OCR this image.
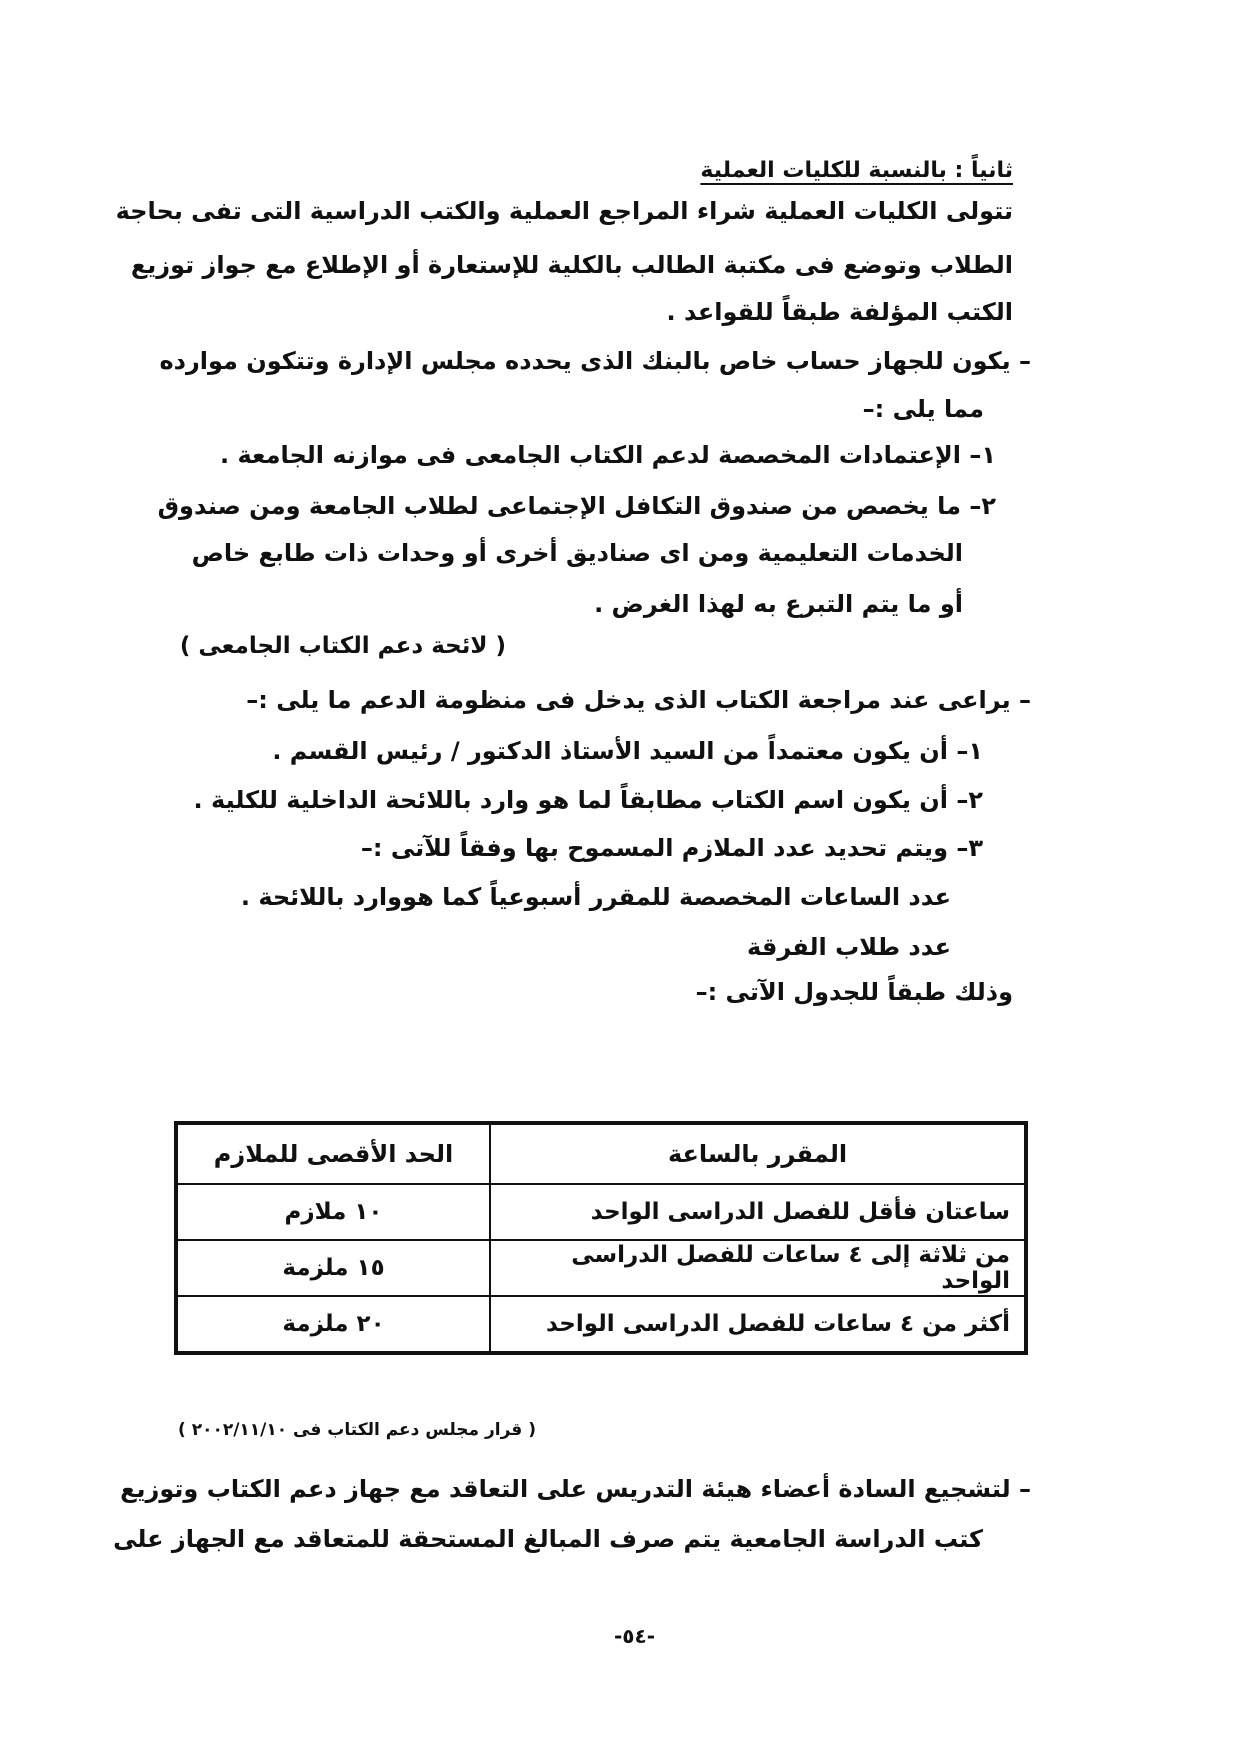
ثانياً : بالنسبة للكليات العملية
تتولى الكليات العملية شراء المراجع العملية والكتب الدراسية التى تفى بحاجة
الطلاب وتوضع فى مكتبة الطالب بالكلية للإستعارة أو الإطلاع مع جواز توزيع
الكتب المؤلفة طبقاً للقواعد .
– يكون للجهاز حساب خاص بالبنك الذى يحدده مجلس الإدارة وتتكون موارده
مما يلى :–
١– الإعتمادات المخصصة لدعم الكتاب الجامعى فى موازنه الجامعة .
٢– ما يخصص من صندوق التكافل الإجتماعى لطلاب الجامعة ومن صندوق
الخدمات التعليمية ومن اى صناديق أخرى أو وحدات ذات طابع خاص
أو ما يتم التبرع به لهذا الغرض .
( لائحة دعم الكتاب الجامعى )
– يراعى عند مراجعة الكتاب الذى يدخل فى منظومة الدعم ما يلى :–
١– أن يكون معتمداً من السيد الأستاذ الدكتور / رئيس القسم .
٢– أن يكون اسم الكتاب مطابقاً لما هو وارد باللائحة الداخلية للكلية .
٣– ويتم تحديد عدد الملازم المسموح بها وفقاً للآتى :–
عدد الساعات المخصصة للمقرر أسبوعياً كما هووارد باللائحة .
عدد طلاب الفرقة
وذلك طبقاً للجدول الآتى :–
المقرر بالساعة	الحد الأقصى للملازم
ساعتان فأقل للفصل الدراسى الواحد	١٠ ملازم
من ثلاثة إلى ٤ ساعات للفصل الدراسى الواحد	١٥ ملزمة
أكثر من ٤ ساعات للفصل الدراسى الواحد	٢٠ ملزمة
( قرار مجلس دعم الكتاب فى ٢٠٠٢/١١/١٠ )
– لتشجيع السادة أعضاء هيئة التدريس على التعاقد مع جهاز دعم الكتاب وتوزيع
كتب الدراسة الجامعية يتم صرف المبالغ المستحقة للمتعاقد مع الجهاز على
-٥٤-
